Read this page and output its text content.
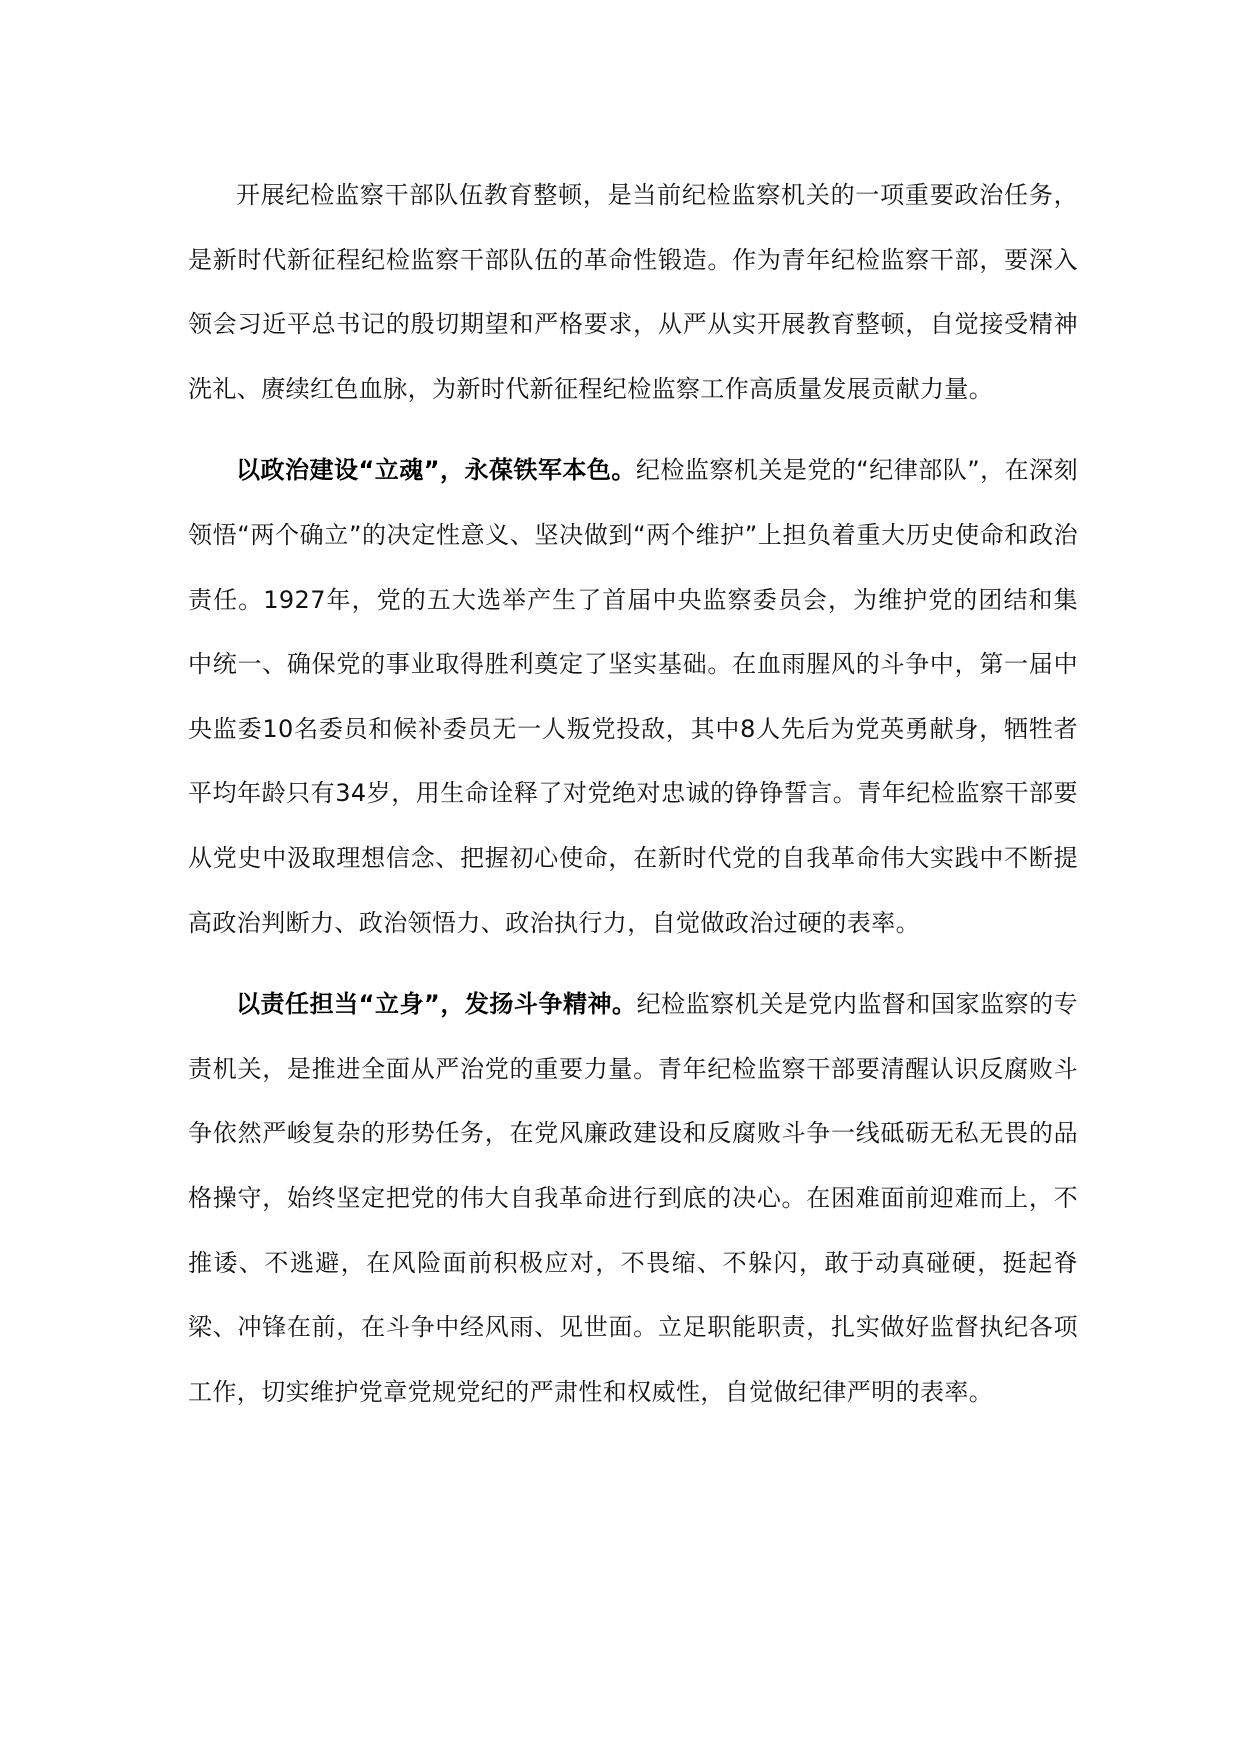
开展纪检监察干部队伍教育整顿，是当前纪检监察机关的一项重要政治任务，是新时代新征程纪检监察干部队伍的革命性锻造。作为青年纪检监察干部，要深入领会习近平总书记的殷切期望和严格要求，从严从实开展教育整顿，自觉接受精神洗礼、赓续红色血脉，为新时代新征程纪检监察工作高质量发展贡献力量。

以政治建设“立魂”，永葆铁军本色。纪检监察机关是党的“纪律部队”，在深刻领悟“两个确立”的决定性意义、坚决做到“两个维护”上担负着重大历史使命和政治责任。1927年，党的五大选举产生了首届中央监察委员会，为维护党的团结和集中统一、确保党的事业取得胜利奠定了坚实基础。在血雨腥风的斗争中，第一届中央监委10名委员和候补委员无一人叛党投敌，其中8人先后为党英勇献身，牺牲者平均年龄只有34岁，用生命诠释了对党绝对忠诚的铮铮誓言。青年纪检监察干部要从党史中汲取理想信念、把握初心使命，在新时代党的自我革命伟大实践中不断提高政治判断力、政治领悟力、政治执行力，自觉做政治过硬的表率。

以责任担当“立身”，发扬斗争精神。纪检监察机关是党内监督和国家监察的专责机关，是推进全面从严治党的重要力量。青年纪检监察干部要清醒认识反腐败斗争依然严峻复杂的形势任务，在党风廉政建设和反腐败斗争一线砥砺无私无畏的品格操守，始终坚定把党的伟大自我革命进行到底的决心。在困难面前迎难而上，不推诿、不逃避，在风险面前积极应对，不畏缩、不躲闪，敢于动真碰硬，挺起脊梁、冲锋在前，在斗争中经风雨、见世面。立足职能职责，扎实做好监督执纪各项工作，切实维护党章党规党纪的严肃性和权威性，自觉做纪律严明的表率。
